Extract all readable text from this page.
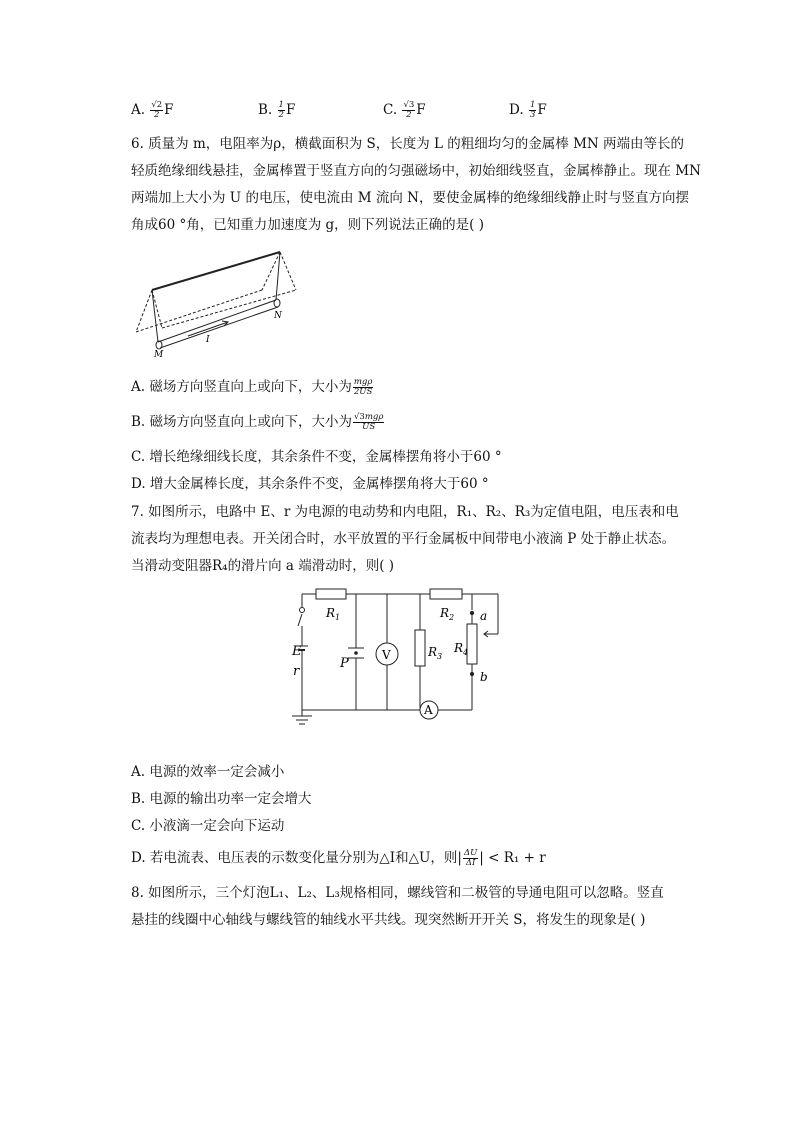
A. $\frac{√2}{2}$ F	B. $\frac{1}{2}$ F	C. $\frac{√3}{2}$ F	D. $\frac{1}{3}$ F
6. 质量为 m，电阻率为ρ，横截面积为 S，长度为 L 的粗细均匀的金属棒 MN 两端由等长的
轻质绝缘细线悬挂，金属棒置于竖直方向的匀强磁场中，初始细线竖直，金属棒静止。现在 MN
两端加上大小为 U 的电压，使电流由 M 流向 N，要使金属棒的绝缘细线静止时与竖直方向摆
角成60 °角，已知重力加速度为 g，则下列说法正确的是( )
M
N
I
A. 磁场方向竖直向上或向下，大小为 $\frac{\text{mgρ}}{2US}$
B. 磁场方向竖直向上或向下，大小为 $\frac{\text{√3mgρ}}{US}$
C. 增长绝缘细线长度，其余条件不变，金属棒摆角将小于60 °
D. 增大金属棒长度，其余条件不变，金属棒摆角将大于60 °
7. 如图所示，电路中 E、r 为电源的电动势和内电阻，R₁、R₂、R₃为定值电阻，电压表和电
流表均为理想电表。开关闭合时，水平放置的平行金属板中间带电小液滴 P 处于静止状态。
当滑动变阻器R₄的滑片向 a 端滑动时，则( )
$R_1$	$R_2$
$R_3$
$R_4$
E
r
P
V
A
a
b
A. 电源的效率一定会减小
B. 电源的输出功率一定会增大
C. 小液滴一定会向下运动
D. 若电流表、电压表的示数变化量分别为△I和△U，则| $\frac{\Delta U}{\Delta I}$ | < R₁ + r
8. 如图所示，三个灯泡L₁、L₂、L₃规格相同，螺线管和二极管的导通电阻可以忽略。竖直
悬挂的线圈中心轴线与螺线管的轴线水平共线。现突然断开开关 S，将发生的现象是( )
